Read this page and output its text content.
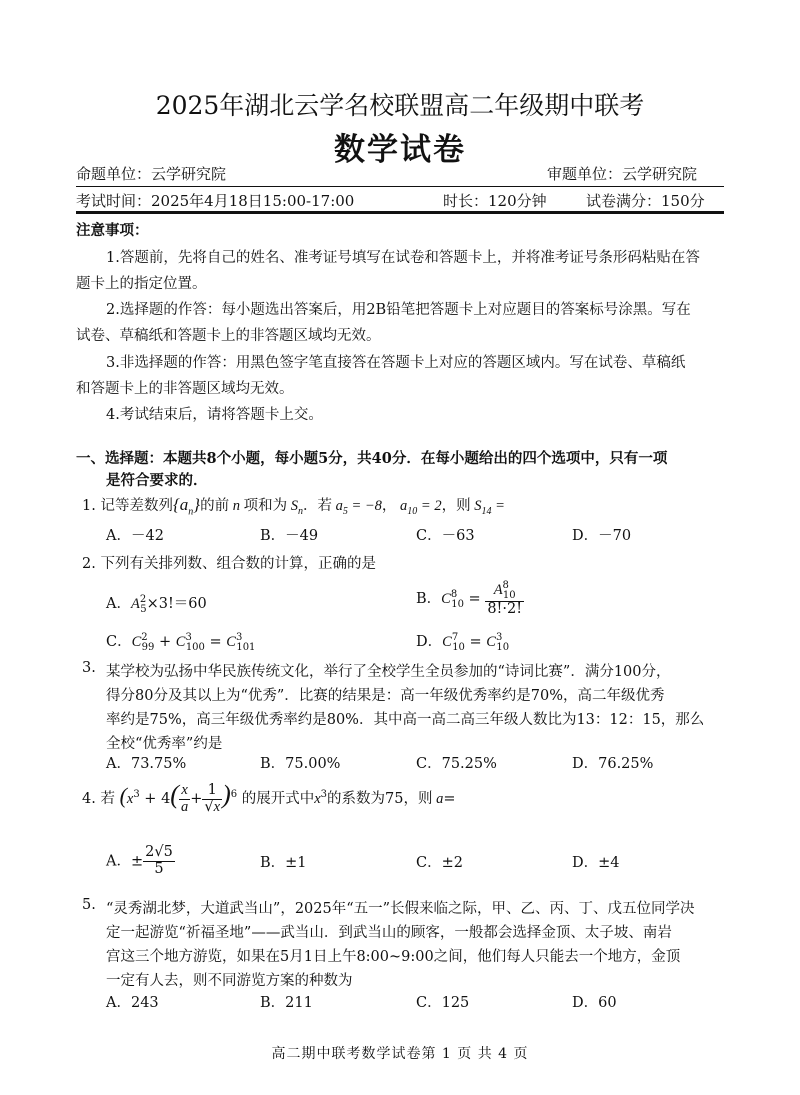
2025年湖北云学名校联盟高二年级期中联考
数学试卷
命题单位：云学研究院	审题单位：云学研究院
考试时间：2025年4月18日15:00-17:00	时长：120分钟	试卷满分：150分
注意事项：
1.答题前，先将自己的姓名、准考证号填写在试卷和答题卡上，并将准考证号条形码粘贴在答
题卡上的指定位置。
2.选择题的作答：每小题选出答案后，用2B铅笔把答题卡上对应题目的答案标号涂黑。写在
试卷、草稿纸和答题卡上的非答题区域均无效。
3.非选择题的作答：用黑色签字笔直接答在答题卡上对应的答题区域内。写在试卷、草稿纸
和答题卡上的非答题区域均无效。
4.考试结束后，请将答题卡上交。
一、选择题：本题共8个小题，每小题5分，共40分．在每小题给出的四个选项中，只有一项
是符合要求的．
1. 记等差数列$\{a_n\}$的前 n 项和为 $S_n$．若 $a_5 = -8$， $a_{10} = 2$，则 $S_{14}$ =
A．－42	B．－49	C．－63	D．－70
2. 下列有关排列数、组合数的计算，正确的是
A．$A^2_5\times 3!=60$	B．$C^8_{10} = \frac{A^8_{10}}{8!\cdot 2!}$
C．$C^2_{99} + C^3_{100} = C^3_{101}$	D．$C^7_{10} = C^3_{10}$
3. 某学校为弘扬中华民族传统文化，举行了全校学生全员参加的“诗词比赛”．满分100分，
得分80分及其以上为“优秀”．比赛的结果是：高一年级优秀率约是70%，高二年级优秀
率约是75%，高三年级优秀率约是80%．其中高一高二高三年级人数比为13：12：15，那么
全校“优秀率”约是
A．73.75%	B．75.00%	C．75.25%	D．76.25%
4. 若 ($x^3 + 4( \frac{x}{a} + \frac{1}{√x} )^6$ 的展开式中$x^3$的系数为75，则 a=
A．± $\frac{2√5}{5}$	B．±1	C．±2	D．±4
5. “灵秀湖北梦，大道武当山”，2025年“五一”长假来临之际，甲、乙、丙、丁、戊五位同学决
定一起游览“祈福圣地”——武当山．到武当山的顾客，一般都会选择金顶、太子坡、南岩
宫这三个地方游览，如果在5月1日上午8:00~9:00之间，他们每人只能去一个地方，金顶
一定有人去，则不同游览方案的种数为
A．243	B．211	C．125	D．60
高二期中联考数学试卷第 1 页 共 4 页
